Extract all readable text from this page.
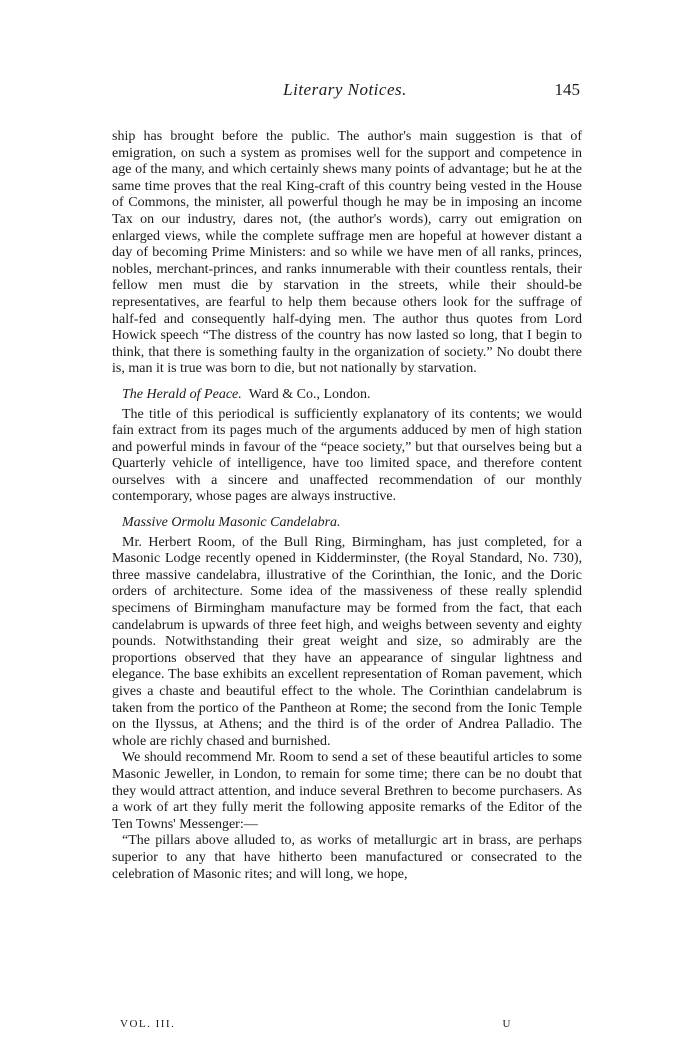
Literary Notices.	145

ship has brought before the public. The author's main suggestion is that of emigration, on such a system as promises well for the support and competence in age of the many, and which certainly shews many points of advantage; but he at the same time proves that the real King-craft of this country being vested in the House of Commons, the minister, all powerful though he may be in imposing an income Tax on our industry, dares not, (the author's words), carry out emigration on enlarged views, while the complete suffrage men are hopeful at however distant a day of becoming Prime Ministers: and so while we have men of all ranks, princes, nobles, merchant-princes, and ranks innumerable with their countless rentals, their fellow men must die by starvation in the streets, while their should-be representatives, are fearful to help them because others look for the suffrage of half-fed and consequently half-dying men. The author thus quotes from Lord Howick speech “The distress of the country has now lasted so long, that I begin to think, that there is something faulty in the organization of society.” No doubt there is, man it is true was born to die, but not nationally by starvation.

The Herald of Peace. Ward & Co., London.

The title of this periodical is sufficiently explanatory of its contents; we would fain extract from its pages much of the arguments adduced by men of high station and powerful minds in favour of the “peace society,” but that ourselves being but a Quarterly vehicle of intelligence, have too limited space, and therefore content ourselves with a sincere and unaffected recommendation of our monthly contemporary, whose pages are always instructive.

Massive Ormolu Masonic Candelabra.

Mr. Herbert Room, of the Bull Ring, Birmingham, has just completed, for a Masonic Lodge recently opened in Kidderminster, (the Royal Standard, No. 730), three massive candelabra, illustrative of the Corinthian, the Ionic, and the Doric orders of architecture. Some idea of the massiveness of these really splendid specimens of Birmingham manufacture may be formed from the fact, that each candelabrum is upwards of three feet high, and weighs between seventy and eighty pounds. Notwithstanding their great weight and size, so admirably are the proportions observed that they have an appearance of singular lightness and elegance. The base exhibits an excellent representation of Roman pavement, which gives a chaste and beautiful effect to the whole. The Corinthian candelabrum is taken from the portico of the Pantheon at Rome; the second from the Ionic Temple on the Ilyssus, at Athens; and the third is of the order of Andrea Palladio. The whole are richly chased and burnished.

We should recommend Mr. Room to send a set of these beautiful articles to some Masonic Jeweller, in London, to remain for some time; there can be no doubt that they would attract attention, and induce several Brethren to become purchasers. As a work of art they fully merit the following apposite remarks of the Editor of the Ten Towns' Messenger:—

“The pillars above alluded to, as works of metallurgic art in brass, are perhaps superior to any that have hitherto been manufactured or consecrated to the celebration of Masonic rites; and will long, we hope,

VOL. III.	U
